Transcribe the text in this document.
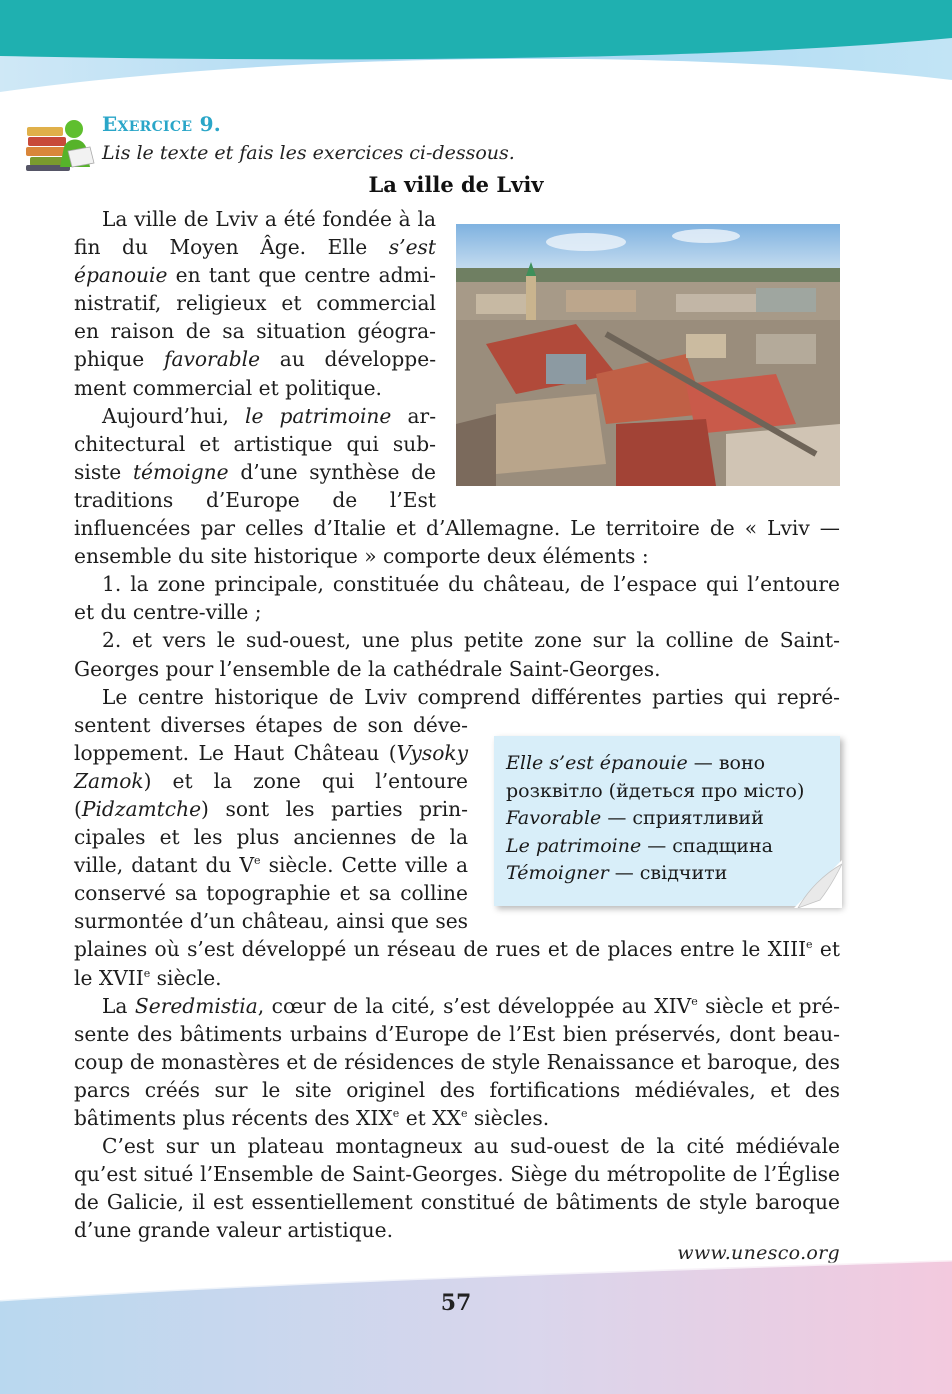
EXERCICE 9.
Lis le texte et fais les exercices ci-dessous.
La ville de Lviv

La ville de Lviv a été fondée à la fin du Moyen Âge. Elle s’est épanouie en tant que centre administratif, religieux et commercial en raison de sa situation géographique favorable au développement commercial et politique.

Aujourd’hui, le patrimoine architectural et artistique qui subsiste témoigne d’une synthèse de traditions d’Europe de l’Est influencées par celles d’Italie et d’Allemagne. Le territoire de « Lviv — ensemble du site historique » comporte deux éléments :

1. la zone principale, constituée du château, de l’espace qui l’entoure et du centre-ville ;

2. et vers le sud-ouest, une plus petite zone sur la colline de Saint-Georges pour l’ensemble de la cathédrale Saint-Georges.

Le centre historique de Lviv comprend différentes parties qui représentent diverses étapes de son développement. Le Haut Château (Vysoky Zamok) et la zone qui l’entoure (Pidzamtche) sont les parties principales et les plus anciennes de la ville, datant du Ve siècle. Cette ville a conservé sa topographie et sa colline surmontée d’un château, ainsi que ses plaines où s’est développé un réseau de rues et de places entre le XIIIe et le XVIIe siècle.

La Seredmistia, cœur de la cité, s’est développée au XIVe siècle et présente des bâtiments urbains d’Europe de l’Est bien préservés, dont beaucoup de monastères et de résidences de style Renaissance et baroque, des parcs créés sur le site originel des fortifications médiévales, et des bâtiments plus récents des XIXe et XXe siècles.

C’est sur un plateau montagneux au sud-ouest de la cité médiévale qu’est situé l’Ensemble de Saint-Georges. Siège du métropolite de l’Église de Galicie, il est essentiellement constitué de bâtiments de style baroque d’une grande valeur artistique.

Elle s’est épanouie — воно
розквітло (йдеться про місто)
Favorable — сприятливий
Le patrimoine — спадщина
Témoigner — свідчити
www.unesco.org
57
